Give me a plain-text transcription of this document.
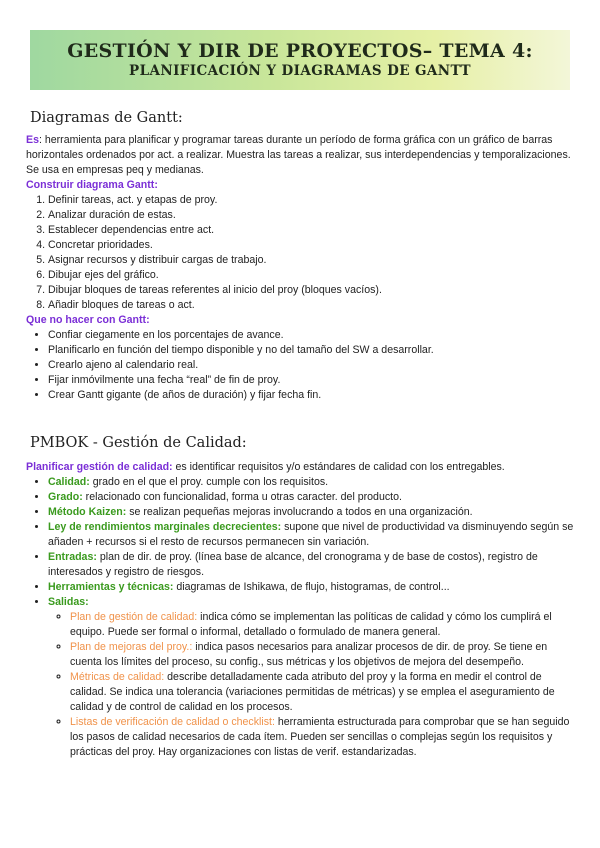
GESTIÓN Y DIR DE PROYECTOS– TEMA 4:
PLANIFICACIÓN Y DIAGRAMAS DE GANTT
Diagramas de Gantt:

Es: herramienta para planificar y programar tareas durante un período de forma gráfica con un gráfico de barras horizontales ordenados por act. a realizar. Muestra las tareas a realizar, sus interdependencias y temporalizaciones. Se usa en empresas peq y medianas.

Construir diagrama Gantt:

1. Definir tareas, act. y etapas de proy.
2. Analizar duración de estas.
3. Establecer dependencias entre act.
4. Concretar prioridades.
5. Asignar recursos y distribuir cargas de trabajo.
6. Dibujar ejes del gráfico.
7. Dibujar bloques de tareas referentes al inicio del proy (bloques vacíos).
8. Añadir bloques de tareas o act.

Que no hacer con Gantt:

• Confiar ciegamente en los porcentajes de avance.
• Planificarlo en función del tiempo disponible y no del tamaño del SW a desarrollar.
• Crearlo ajeno al calendario real.
• Fijar inmóvilmente una fecha “real” de fin de proy.
• Crear Gantt gigante (de años de duración) y fijar fecha fin.
PMBOK - Gestión de Calidad:

Planificar gestión de calidad: es identificar requisitos y/o estándares de calidad con los entregables.

• Calidad: grado en el que el proy. cumple con los requisitos.
• Grado: relacionado con funcionalidad, forma u otras caracter. del producto.
• Método Kaizen: se realizan pequeñas mejoras involucrando a todos en una organización.
• Ley de rendimientos marginales decrecientes: supone que nivel de productividad va disminuyendo según se añaden + recursos si el resto de recursos permanecen sin variación.
• Entradas: plan de dir. de proy. (línea base de alcance, del cronograma y de base de costos), registro de interesados y registro de riesgos.
• Herramientas y técnicas: diagramas de Ishikawa, de flujo, histogramas, de control...
• Salidas:
◦ Plan de gestión de calidad: indica cómo se implementan las políticas de calidad y cómo los cumplirá el equipo. Puede ser formal o informal, detallado o formulado de manera general.
◦ Plan de mejoras del proy.: indica pasos necesarios para analizar procesos de dir. de proy. Se tiene en cuenta los límites del proceso, su config., sus métricas y los objetivos de mejora del desempeño.
◦ Métricas de calidad: describe detalladamente cada atributo del proy y la forma en medir el control de calidad. Se indica una tolerancia (variaciones permitidas de métricas) y se emplea el aseguramiento de calidad y de control de calidad en los procesos.
◦ Listas de verificación de calidad o checklist: herramienta estructurada para comprobar que se han seguido los pasos de calidad necesarios de cada ítem. Pueden ser sencillas o complejas según los requisitos y prácticas del proy. Hay organizaciones con listas de verif. estandarizadas.
